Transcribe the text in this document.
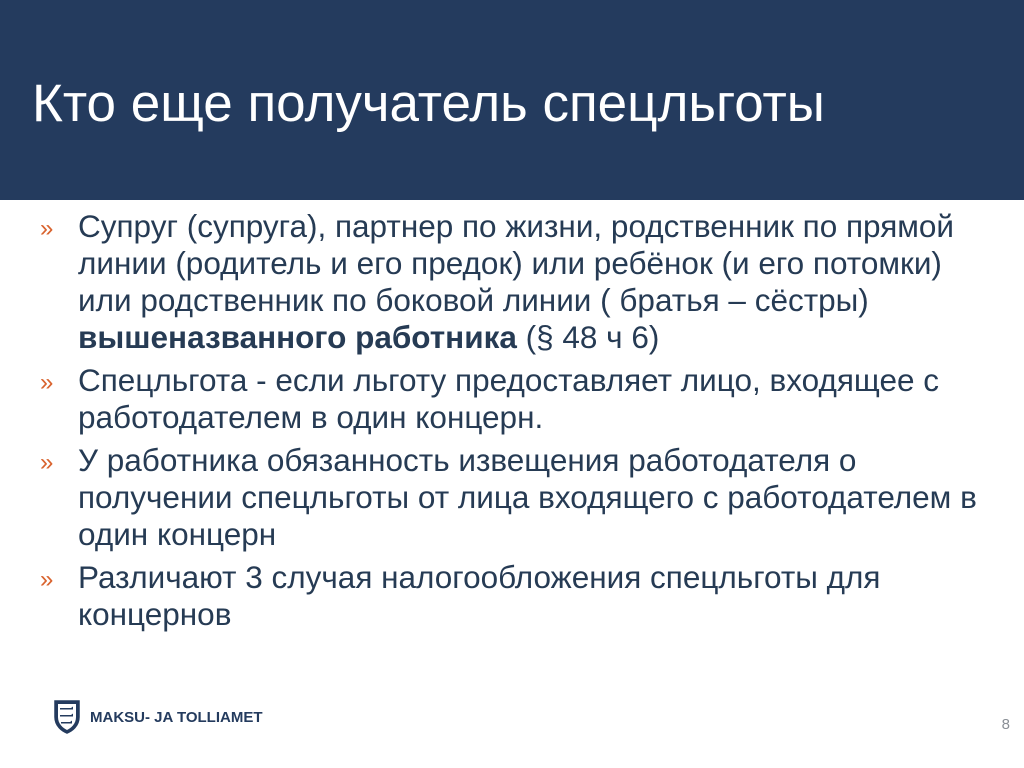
Кто еще получатель спецльготы
» Супруг (супруга), партнер по жизни, родственник по прямой линии (родитель и его предок) или ребёнок (и его потомки) или родственник по боковой линии ( братья – сёстры) вышеназванного работника (§ 48 ч 6)
» Спецльгота - если льготу предоставляет лицо, входящее с работодателем в один концерн.
» У работника обязанность извещения работодателя о получении спецльготы от лица входящего с работодателем в один концерн
» Различают 3 случая налогообложения спецльготы для концернов
MAKSU- JA TOLLIAMET	8
